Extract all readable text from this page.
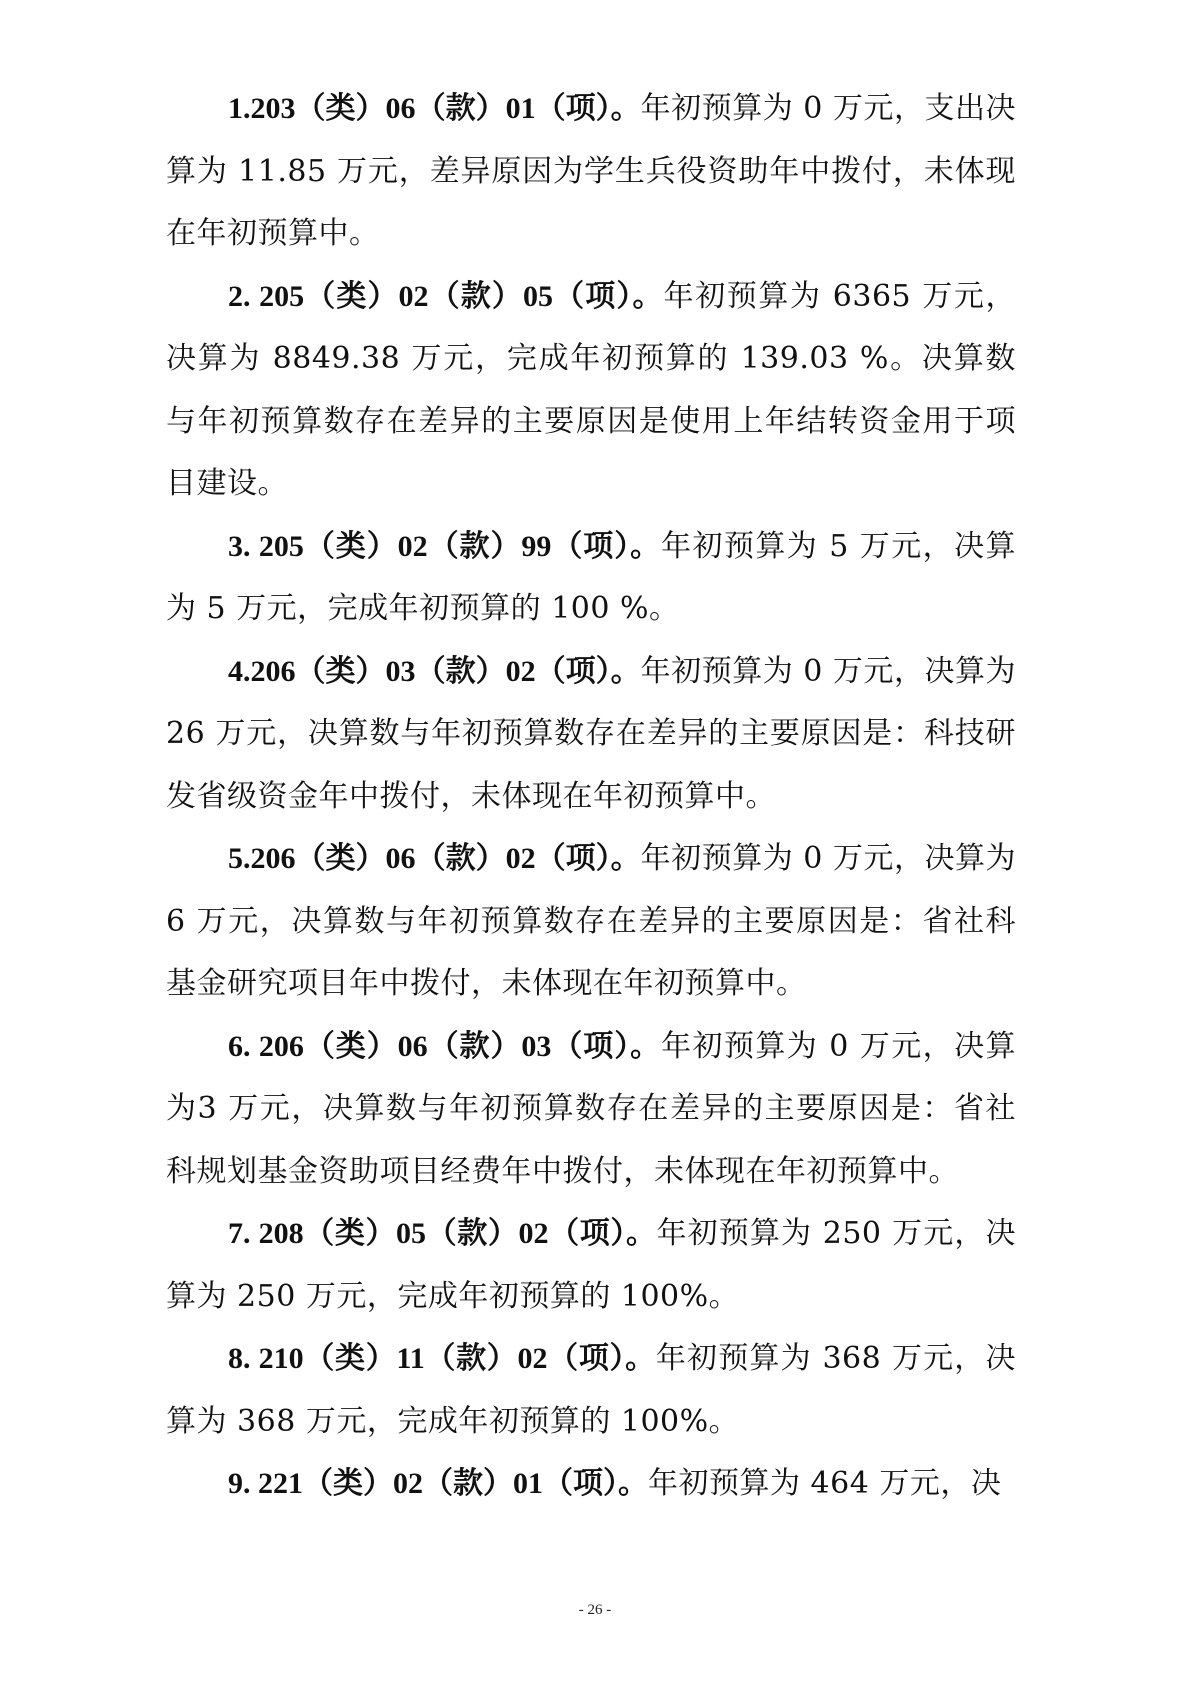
1.203（类）06（款）01（项）。年初预算为 0 万元，支出决算为 11.85 万元，差异原因为学生兵役资助年中拨付，未体现在年初预算中。

2. 205（类）02（款）05（项）。年初预算为 6365 万元，决算为 8849.38 万元，完成年初预算的 139.03 %。决算数与年初预算数存在差异的主要原因是使用上年结转资金用于项目建设。

3. 205（类）02（款）99（项）。年初预算为 5 万元，决算为 5 万元，完成年初预算的 100 %。

4.206（类）03（款）02（项）。年初预算为 0 万元，决算为26 万元，决算数与年初预算数存在差异的主要原因是：科技研发省级资金年中拨付，未体现在年初预算中。

5.206（类）06（款）02（项）。年初预算为 0 万元，决算为6 万元，决算数与年初预算数存在差异的主要原因是：省社科基金研究项目年中拨付，未体现在年初预算中。

6. 206（类）06（款）03（项）。年初预算为 0 万元，决算为3 万元，决算数与年初预算数存在差异的主要原因是：省社科规划基金资助项目经费年中拨付，未体现在年初预算中。

7. 208（类）05（款）02（项）。年初预算为 250 万元，决算为 250 万元，完成年初预算的 100%。

8. 210（类）11（款）02（项）。年初预算为 368 万元，决算为 368 万元，完成年初预算的 100%。

9. 221（类）02（款）01（项）。年初预算为 464 万元，决

- 26 -
